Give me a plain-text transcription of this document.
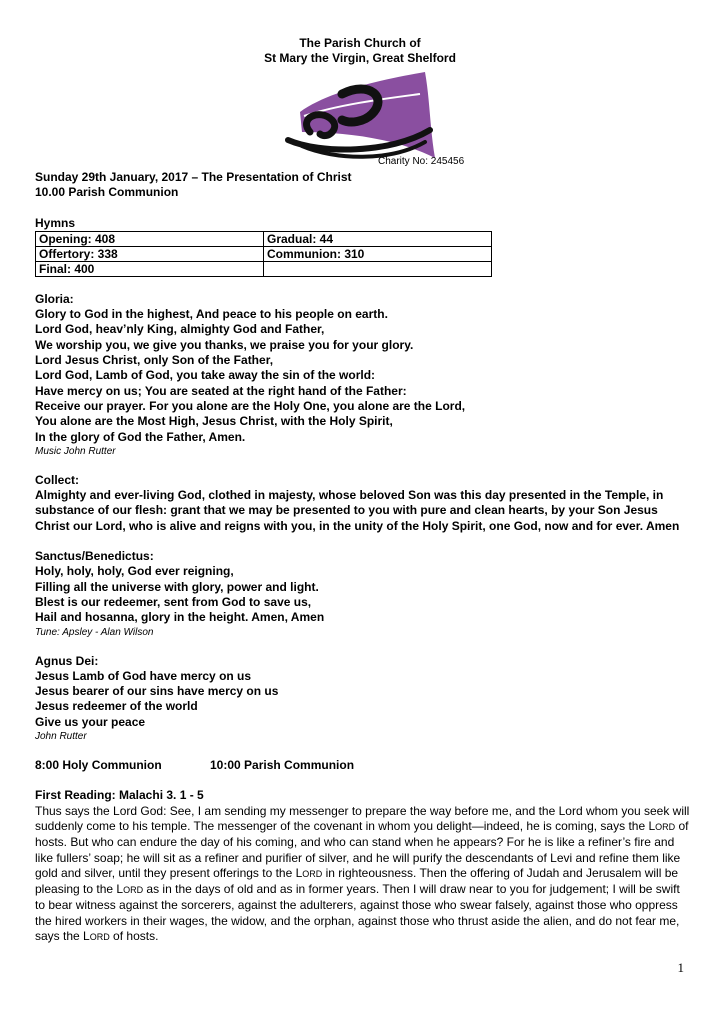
The Parish Church of
St Mary the Virgin, Great Shelford
Charity No: 245456
Sunday 29th January, 2017 – The Presentation of Christ
10.00 Parish Communion
Hymns
Opening: 408	Gradual: 44
Offertory: 338	Communion: 310
Final: 400	
Gloria:
Glory to God in the highest, And peace to his people on earth.
Lord God, heav’nly King, almighty God and Father,
We worship you, we give you thanks, we praise you for your glory.
Lord Jesus Christ, only Son of the Father,
Lord God, Lamb of God, you take away the sin of the world:
Have mercy on us; You are seated at the right hand of the Father:
Receive our prayer. For you alone are the Holy One, you alone are the Lord,
You alone are the Most High, Jesus Christ, with the Holy Spirit,
In the glory of God the Father, Amen.
Music John Rutter
Collect:
Almighty and ever-living God, clothed in majesty, whose beloved Son was this day presented in the Temple, in substance of our flesh: grant that we may be presented to you with pure and clean hearts, by your Son Jesus Christ our Lord, who is alive and reigns with you, in the unity of the Holy Spirit, one God, now and for ever. Amen
Sanctus/Benedictus:
Holy, holy, holy, God ever reigning,
Filling all the universe with glory, power and light.
Blest is our redeemer, sent from God to save us,
Hail and hosanna, glory in the height. Amen, Amen
Tune: Apsley - Alan Wilson
Agnus Dei:
Jesus Lamb of God have mercy on us
Jesus bearer of our sins have mercy on us
Jesus redeemer of the world
Give us your peace
John Rutter
8:00 Holy Communion	10:00 Parish Communion
First Reading: Malachi 3. 1 - 5
Thus says the Lord God: See, I am sending my messenger to prepare the way before me, and the Lord whom you seek will suddenly come to his temple. The messenger of the covenant in whom you delight—indeed, he is coming, says the LORD of hosts. But who can endure the day of his coming, and who can stand when he appears? For he is like a refiner’s fire and like fullers’ soap; he will sit as a refiner and purifier of silver, and he will purify the descendants of Levi and refine them like gold and silver, until they present offerings to the LORD in righteousness. Then the offering of Judah and Jerusalem will be pleasing to the LORD as in the days of old and as in former years. Then I will draw near to you for judgement; I will be swift to bear witness against the sorcerers, against the adulterers, against those who swear falsely, against those who oppress the hired workers in their wages, the widow, and the orphan, against those who thrust aside the alien, and do not fear me, says the LORD of hosts.
1
